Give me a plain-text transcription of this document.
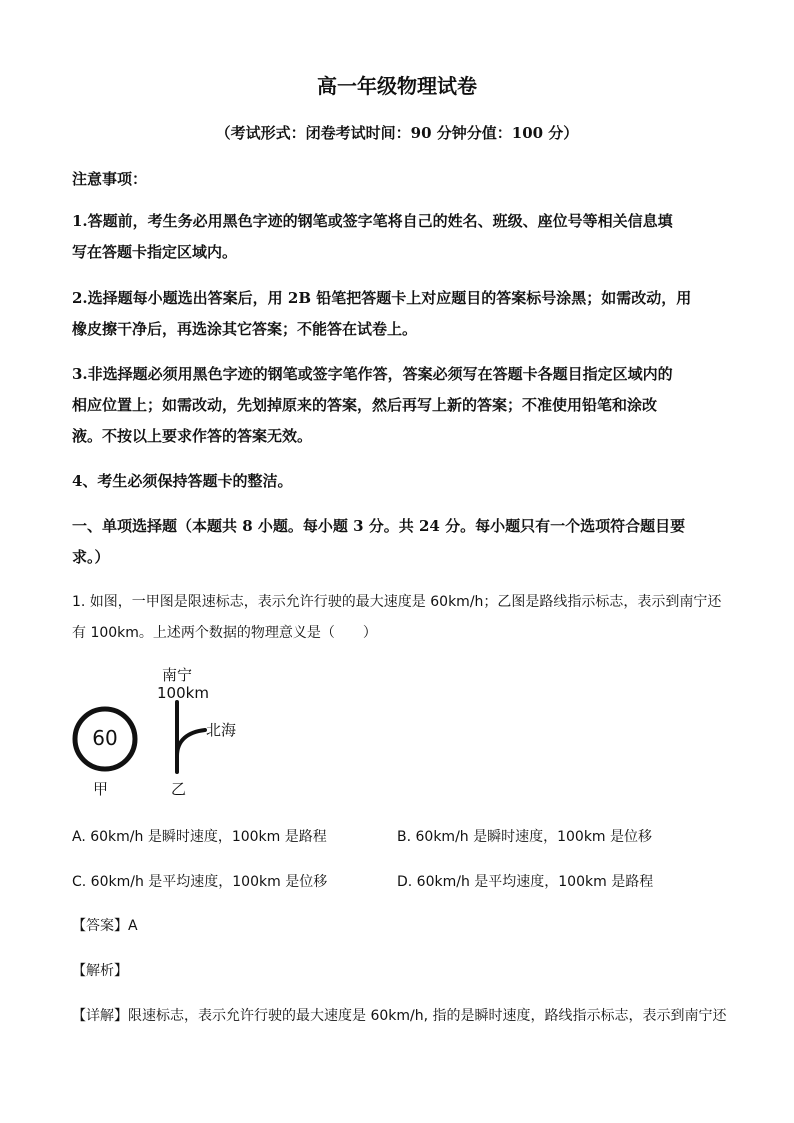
高一年级物理试卷
（考试形式：闭卷考试时间：90 分钟分值：100 分）
注意事项：
1.答题前，考生务必用黑色字迹的钢笔或签字笔将自己的姓名、班级、座位号等相关信息填
写在答题卡指定区域内。
2.选择题每小题选出答案后，用 2B 铅笔把答题卡上对应题目的答案标号涂黑；如需改动，用
橡皮擦干净后，再选涂其它答案；不能答在试卷上。
3.非选择题必须用黑色字迹的钢笔或签字笔作答，答案必须写在答题卡各题目指定区域内的
相应位置上；如需改动，先划掉原来的答案，然后再写上新的答案；不准使用铅笔和涂改
液。不按以上要求作答的答案无效。
4、考生必须保持答题卡的整洁。
一、单项选择题（本题共 8 小题。每小题 3 分。共 24 分。每小题只有一个选项符合题目要
求。）
1. 如图，一甲图是限速标志，表示允许行驶的最大速度是 60km/h；乙图是路线指示标志，表示到南宁还
有 100km。上述两个数据的物理意义是（　　）
60
甲	乙
南宁
100km
北海
A. 60km/h 是瞬时速度，100km 是路程	B. 60km/h 是瞬时速度，100km 是位移
C. 60km/h 是平均速度，100km 是位移	D. 60km/h 是平均速度，100km 是路程
【答案】A
【解析】
【详解】限速标志，表示允许行驶的最大速度是 60km/h, 指的是瞬时速度，路线指示标志，表示到南宁还
